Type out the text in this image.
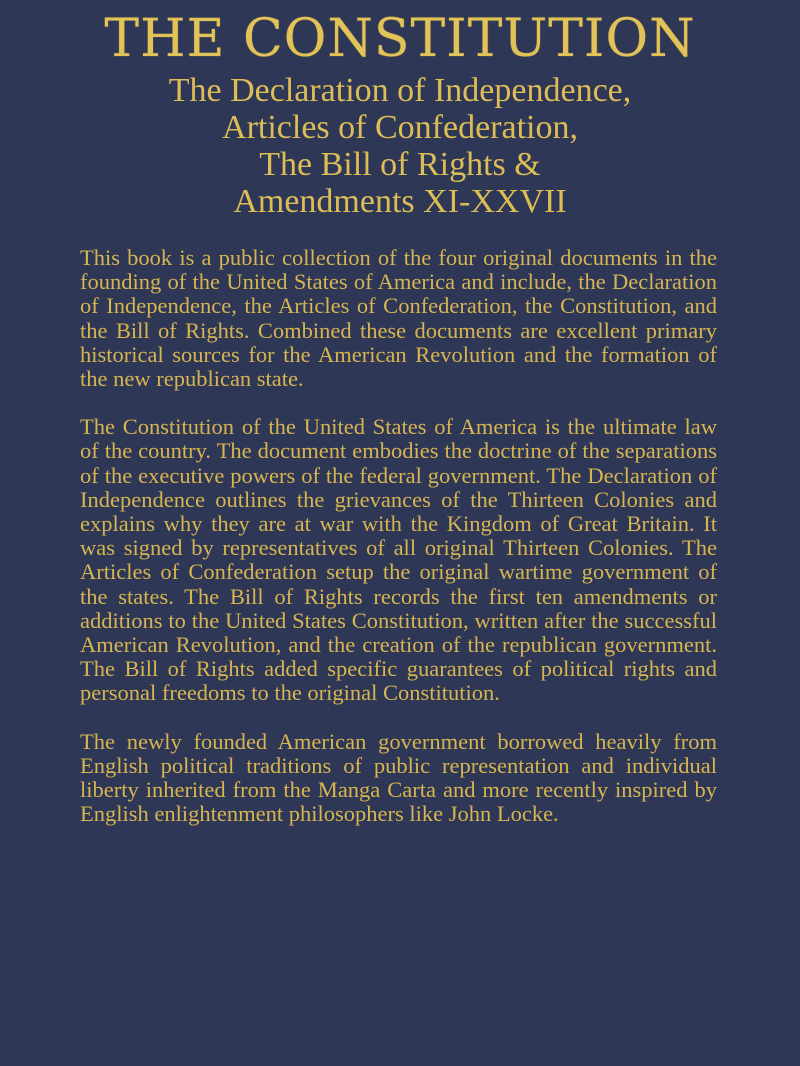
THE CONSTITUTION
The Declaration of Independence,
Articles of Confederation,
The Bill of Rights &
Amendments XI-XXVII

This book is a public collection of the four original documents in the founding of the United States of America and include, the Declaration of Independence, the Articles of Confederation, the Constitution, and the Bill of Rights. Combined these documents are excellent primary historical sources for the American Revolution and the formation of the new republican state.

The Constitution of the United States of America is the ultimate law of the country. The document embodies the doctrine of the separations of the executive powers of the federal government. The Declaration of Independence outlines the grievances of the Thirteen Colonies and explains why they are at war with the Kingdom of Great Britain. It was signed by representatives of all original Thirteen Colonies. The Articles of Confederation setup the original wartime government of the states. The Bill of Rights records the first ten amendments or additions to the United States Constitution, written after the successful American Revolution, and the creation of the republican government. The Bill of Rights added specific guarantees of political rights and personal freedoms to the original Constitution.

The newly founded American government borrowed heavily from English political traditions of public representation and individual liberty inherited from the Manga Carta and more recently inspired by English enlightenment philosophers like John Locke.
